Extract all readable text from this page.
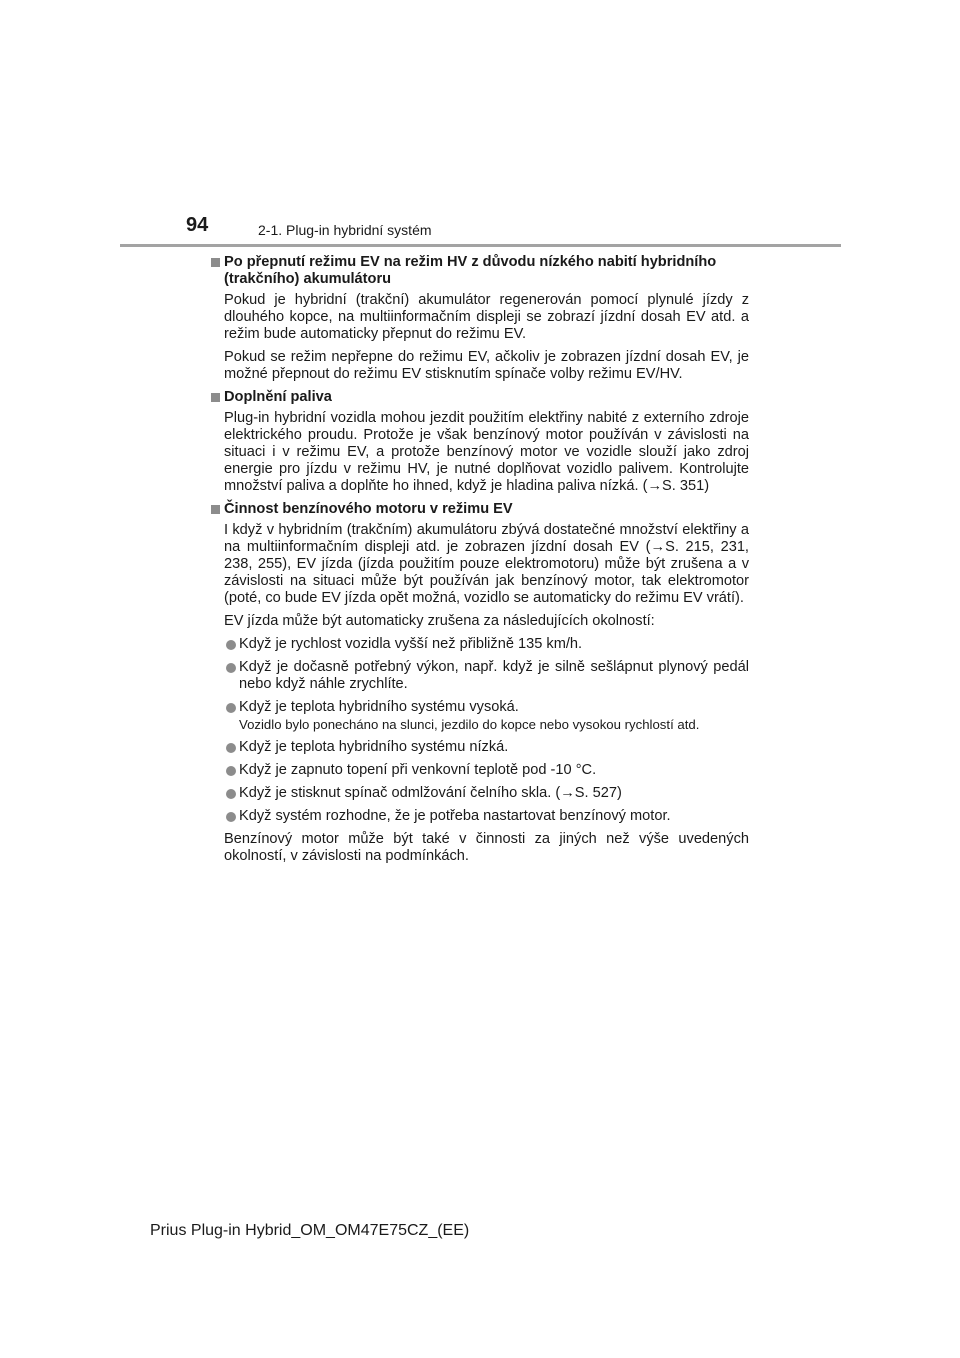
94	2-1. Plug-in hybridní systém
Po přepnutí režimu EV na režim HV z důvodu nízkého nabití hybridního (trakčního) akumulátoru
Pokud je hybridní (trakční) akumulátor regenerován pomocí plynulé jízdy z dlouhého kopce, na multiinformačním displeji se zobrazí jízdní dosah EV atd. a režim bude automaticky přepnut do režimu EV.
Pokud se režim nepřepne do režimu EV, ačkoliv je zobrazen jízdní dosah EV, je možné přepnout do režimu EV stisknutím spínače volby režimu EV/HV.
Doplnění paliva
Plug-in hybridní vozidla mohou jezdit použitím elektřiny nabité z externího zdroje elektrického proudu. Protože je však benzínový motor používán v závislosti na situaci i v režimu EV, a protože benzínový motor ve vozidle slouží jako zdroj energie pro jízdu v režimu HV, je nutné doplňovat vozidlo palivem. Kontrolujte množství paliva a doplňte ho ihned, když je hladina paliva nízká. (→S. 351)
Činnost benzínového motoru v režimu EV
I když v hybridním (trakčním) akumulátoru zbývá dostatečné množství elektřiny a na multiinformačním displeji atd. je zobrazen jízdní dosah EV (→S. 215, 231, 238, 255), EV jízda (jízda použitím pouze elektromotoru) může být zrušena a v závislosti na situaci může být používán jak benzínový motor, tak elektromotor (poté, co bude EV jízda opět možná, vozidlo se automaticky do režimu EV vrátí).
EV jízda může být automaticky zrušena za následujících okolností:
Když je rychlost vozidla vyšší než přibližně 135 km/h.
Když je dočasně potřebný výkon, např. když je silně sešlápnut plynový pedál nebo když náhle zrychlíte.
Když je teplota hybridního systému vysoká.
Vozidlo bylo ponecháno na slunci, jezdilo do kopce nebo vysokou rychlostí atd.
Když je teplota hybridního systému nízká.
Když je zapnuto topení při venkovní teplotě pod -10 °C.
Když je stisknut spínač odmlžování čelního skla. (→S. 527)
Když systém rozhodne, že je potřeba nastartovat benzínový motor.
Benzínový motor může být také v činnosti za jiných než výše uvedených okolností, v závislosti na podmínkách.
Prius Plug-in Hybrid_OM_OM47E75CZ_(EE)
